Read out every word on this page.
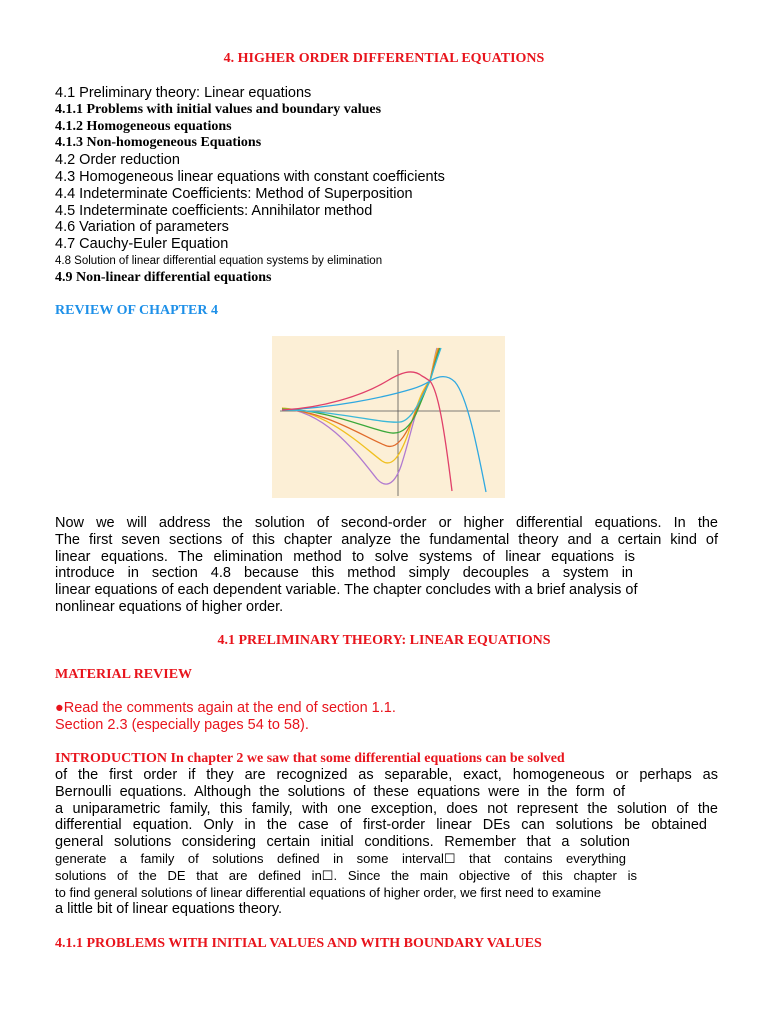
4. HIGHER ORDER DIFFERENTIAL EQUATIONS
4.1 Preliminary theory: Linear equations
4.1.1 Problems with initial values and boundary values
4.1.2 Homogeneous equations
4.1.3 Non-homogeneous Equations
4.2 Order reduction
4.3 Homogeneous linear equations with constant coefficients
4.4 Indeterminate Coefficients: Method of Superposition
4.5 Indeterminate coefficients: Annihilator method
4.6 Variation of parameters
4.7 Cauchy-Euler Equation
4.8 Solution of linear differential equation systems by elimination
4.9 Non-linear differential equations
REVIEW OF CHAPTER 4
Now we will address the solution of second-order or higher differential equations. In the
The first seven sections of this chapter analyze the fundamental theory and a certain kind of
linear equations. The elimination method to solve systems of linear equations is
introduce in section 4.8 because this method simply decouples a system in
linear equations of each dependent variable. The chapter concludes with a brief analysis of
nonlinear equations of higher order.
4.1 PRELIMINARY THEORY: LINEAR EQUATIONS
MATERIAL REVIEW
●Read the comments again at the end of section 1.1.
Section 2.3 (especially pages 54 to 58).
INTRODUCTION In chapter 2 we saw that some differential equations can be solved
of the first order if they are recognized as separable, exact, homogeneous or perhaps as
Bernoulli equations. Although the solutions of these equations were in the form of
a uniparametric family, this family, with one exception, does not represent the solution of the
differential equation. Only in the case of first-order linear DEs can solutions be obtained
general solutions considering certain initial conditions. Remember that a solution
generate a family of solutions defined in some interval☐ that contains everything
solutions of the DE that are defined in☐. Since the main objective of this chapter is
to find general solutions of linear differential equations of higher order, we first need to examine
a little bit of linear equations theory.
4.1.1 PROBLEMS WITH INITIAL VALUES AND WITH BOUNDARY VALUES
